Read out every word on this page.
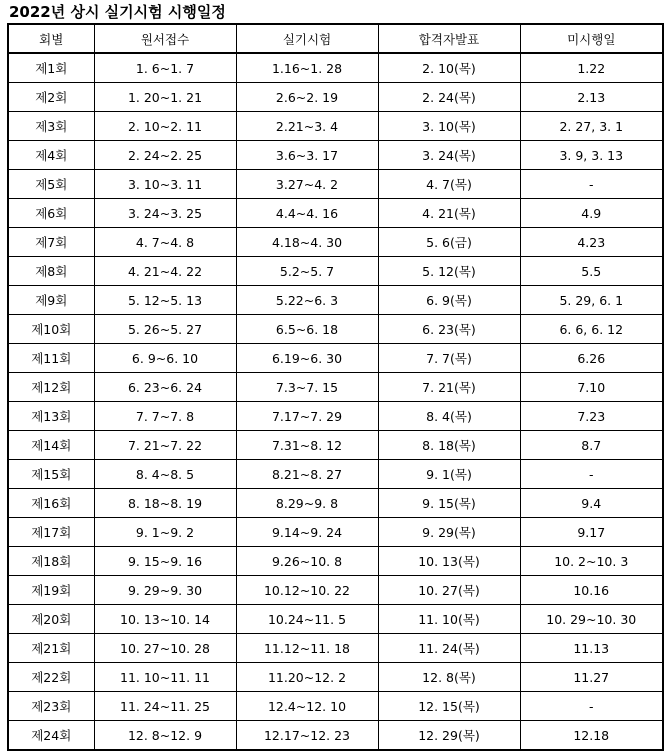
2022년 상시 실기시험 시행일정
회별	원서접수	실기시험	합격자발표	미시행일
제1회	1. 6~1. 7	1.16~1. 28	2. 10(목)	1.22
제2회	1. 20~1. 21	2.6~2. 19	2. 24(목)	2.13
제3회	2. 10~2. 11	2.21~3. 4	3. 10(목)	2. 27, 3. 1
제4회	2. 24~2. 25	3.6~3. 17	3. 24(목)	3. 9, 3. 13
제5회	3. 10~3. 11	3.27~4. 2	4. 7(목)	-
제6회	3. 24~3. 25	4.4~4. 16	4. 21(목)	4.9
제7회	4. 7~4. 8	4.18~4. 30	5. 6(금)	4.23
제8회	4. 21~4. 22	5.2~5. 7	5. 12(목)	5.5
제9회	5. 12~5. 13	5.22~6. 3	6. 9(목)	5. 29, 6. 1
제10회	5. 26~5. 27	6.5~6. 18	6. 23(목)	6. 6, 6. 12
제11회	6. 9~6. 10	6.19~6. 30	7. 7(목)	6.26
제12회	6. 23~6. 24	7.3~7. 15	7. 21(목)	7.10
제13회	7. 7~7. 8	7.17~7. 29	8. 4(목)	7.23
제14회	7. 21~7. 22	7.31~8. 12	8. 18(목)	8.7
제15회	8. 4~8. 5	8.21~8. 27	9. 1(목)	-
제16회	8. 18~8. 19	8.29~9. 8	9. 15(목)	9.4
제17회	9. 1~9. 2	9.14~9. 24	9. 29(목)	9.17
제18회	9. 15~9. 16	9.26~10. 8	10. 13(목)	10. 2~10. 3
제19회	9. 29~9. 30	10.12~10. 22	10. 27(목)	10.16
제20회	10. 13~10. 14	10.24~11. 5	11. 10(목)	10. 29~10. 30
제21회	10. 27~10. 28	11.12~11. 18	11. 24(목)	11.13
제22회	11. 10~11. 11	11.20~12. 2	12. 8(목)	11.27
제23회	11. 24~11. 25	12.4~12. 10	12. 15(목)	-
제24회	12. 8~12. 9	12.17~12. 23	12. 29(목)	12.18
